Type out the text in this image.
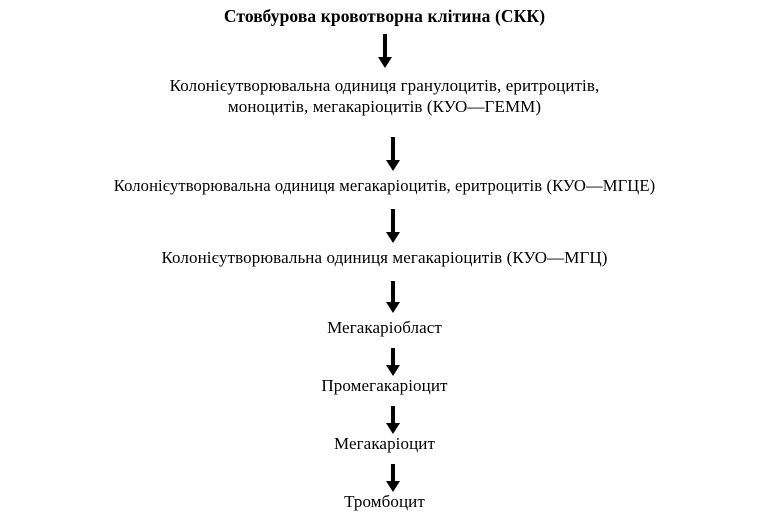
Стовбурова кровотворна клітина (СКК)
Колонієутворювальна одиниця гранулоцитів, еритроцитів,
моноцитів, мегакаріоцитів (КУО—ГЕММ)
Колонієутворювальна одиниця мегакаріоцитів, еритроцитів (КУО—МГЦЕ)
Колонієутворювальна одиниця мегакаріоцитів (КУО—МГЦ)
Мегакаріобласт
Промегакаріоцит
Мегакаріоцит
Тромбоцит
